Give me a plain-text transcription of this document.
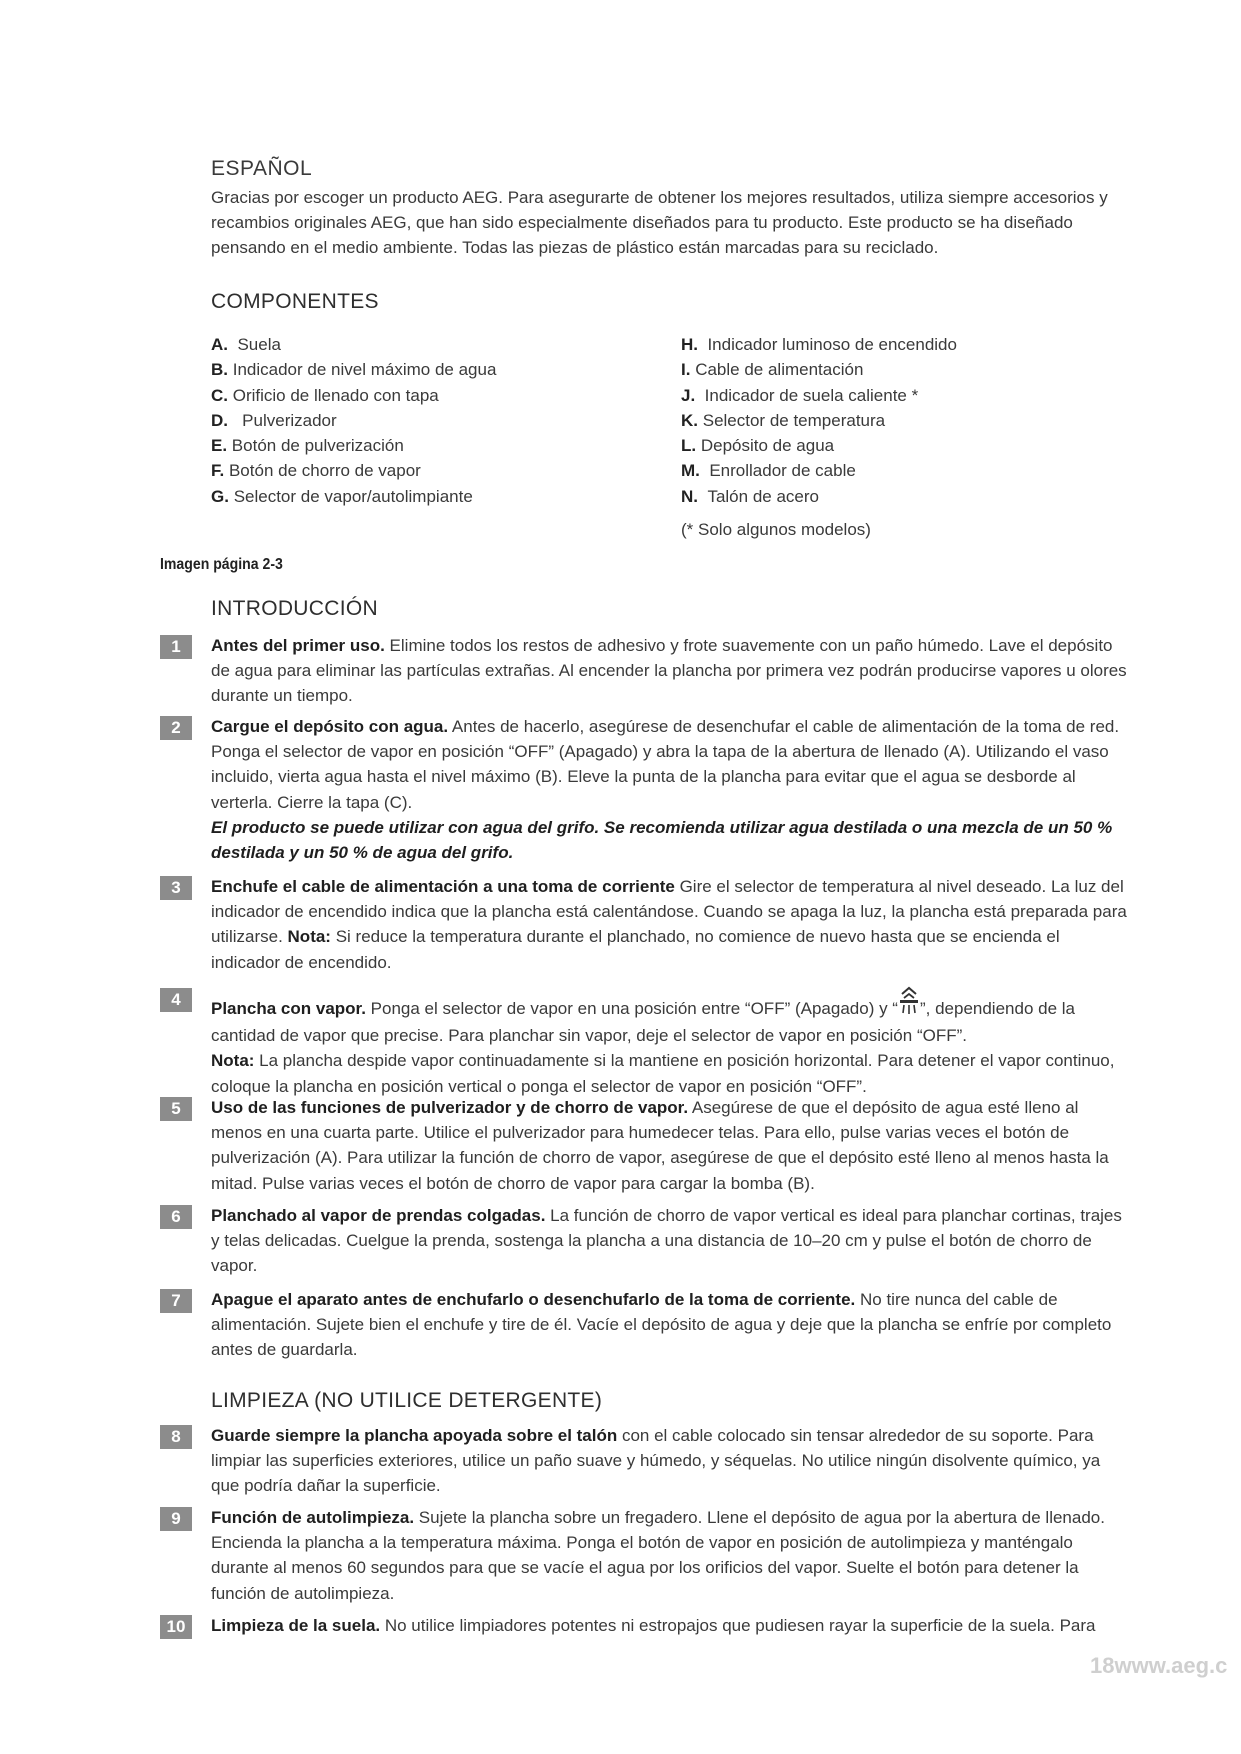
ESPAÑOL

Gracias por escoger un producto AEG. Para asegurarte de obtener los mejores resultados, utiliza siempre accesorios y recambios originales AEG, que han sido especialmente diseñados para tu producto. Este producto se ha diseñado pensando en el medio ambiente. Todas las piezas de plástico están marcadas para su reciclado.

COMPONENTES
A. Suela
B. Indicador de nivel máximo de agua
C. Orificio de llenado con tapa
D. Pulverizador
E. Botón de pulverización
F. Botón de chorro de vapor
G. Selector de vapor/autolimpiante
H. Indicador luminoso de encendido
I. Cable de alimentación
J. Indicador de suela caliente *
K. Selector de temperatura
L. Depósito de agua
M. Enrollador de cable
N. Talón de acero
(* Solo algunos modelos)
Imagen página 2-3
INTRODUCCIÓN
1	Antes del primer uso. Elimine todos los restos de adhesivo y frote suavemente con un paño húmedo. Lave el depósito de agua para eliminar las partículas extrañas. Al encender la plancha por primera vez podrán producirse vapores u olores durante un tiempo.
2	Cargue el depósito con agua. Antes de hacerlo, asegúrese de desenchufar el cable de alimentación de la toma de red. Ponga el selector de vapor en posición “OFF” (Apagado) y abra la tapa de la abertura de llenado (A). Utilizando el vaso incluido, vierta agua hasta el nivel máximo (B). Eleve la punta de la plancha para evitar que el agua se desborde al verterla. Cierre la tapa (C).
El producto se puede utilizar con agua del grifo. Se recomienda utilizar agua destilada o una mezcla de un 50 % destilada y un 50 % de agua del grifo.
3	Enchufe el cable de alimentación a una toma de corriente Gire el selector de temperatura al nivel deseado. La luz del indicador de encendido indica que la plancha está calentándose. Cuando se apaga la luz, la plancha está preparada para utilizarse. Nota: Si reduce la temperatura durante el planchado, no comience de nuevo hasta que se encienda el indicador de encendido.
4	Plancha con vapor. Ponga el selector de vapor en una posición entre “OFF” (Apagado) y “ ”, dependiendo de la cantidad de vapor que precise. Para planchar sin vapor, deje el selector de vapor en posición “OFF”.
Nota: La plancha despide vapor continuadamente si la mantiene en posición horizontal. Para detener el vapor continuo, coloque la plancha en posición vertical o ponga el selector de vapor en posición “OFF”.
5	Uso de las funciones de pulverizador y de chorro de vapor. Asegúrese de que el depósito de agua esté lleno al menos en una cuarta parte. Utilice el pulverizador para humedecer telas. Para ello, pulse varias veces el botón de pulverización (A). Para utilizar la función de chorro de vapor, asegúrese de que el depósito esté lleno al menos hasta la mitad. Pulse varias veces el botón de chorro de vapor para cargar la bomba (B).
6	Planchado al vapor de prendas colgadas. La función de chorro de vapor vertical es ideal para planchar cortinas, trajes y telas delicadas. Cuelgue la prenda, sostenga la plancha a una distancia de 10–20 cm y pulse el botón de chorro de vapor.
7	Apague el aparato antes de enchufarlo o desenchufarlo de la toma de corriente. No tire nunca del cable de alimentación. Sujete bien el enchufe y tire de él. Vacíe el depósito de agua y deje que la plancha se enfríe por completo antes de guardarla.
LIMPIEZA (NO UTILICE DETERGENTE)
8	Guarde siempre la plancha apoyada sobre el talón con el cable colocado sin tensar alrededor de su soporte. Para limpiar las superficies exteriores, utilice un paño suave y húmedo, y séquelas. No utilice ningún disolvente químico, ya que podría dañar la superficie.
9	Función de autolimpieza. Sujete la plancha sobre un fregadero. Llene el depósito de agua por la abertura de llenado. Encienda la plancha a la temperatura máxima. Ponga el botón de vapor en posición de autolimpieza y manténgalo durante al menos 60 segundos para que se vacíe el agua por los orificios del vapor. Suelte el botón para detener la función de autolimpieza.
10	Limpieza de la suela. No utilice limpiadores potentes ni estropajos que pudiesen rayar la superficie de la suela. Para
18www.aeg.c
